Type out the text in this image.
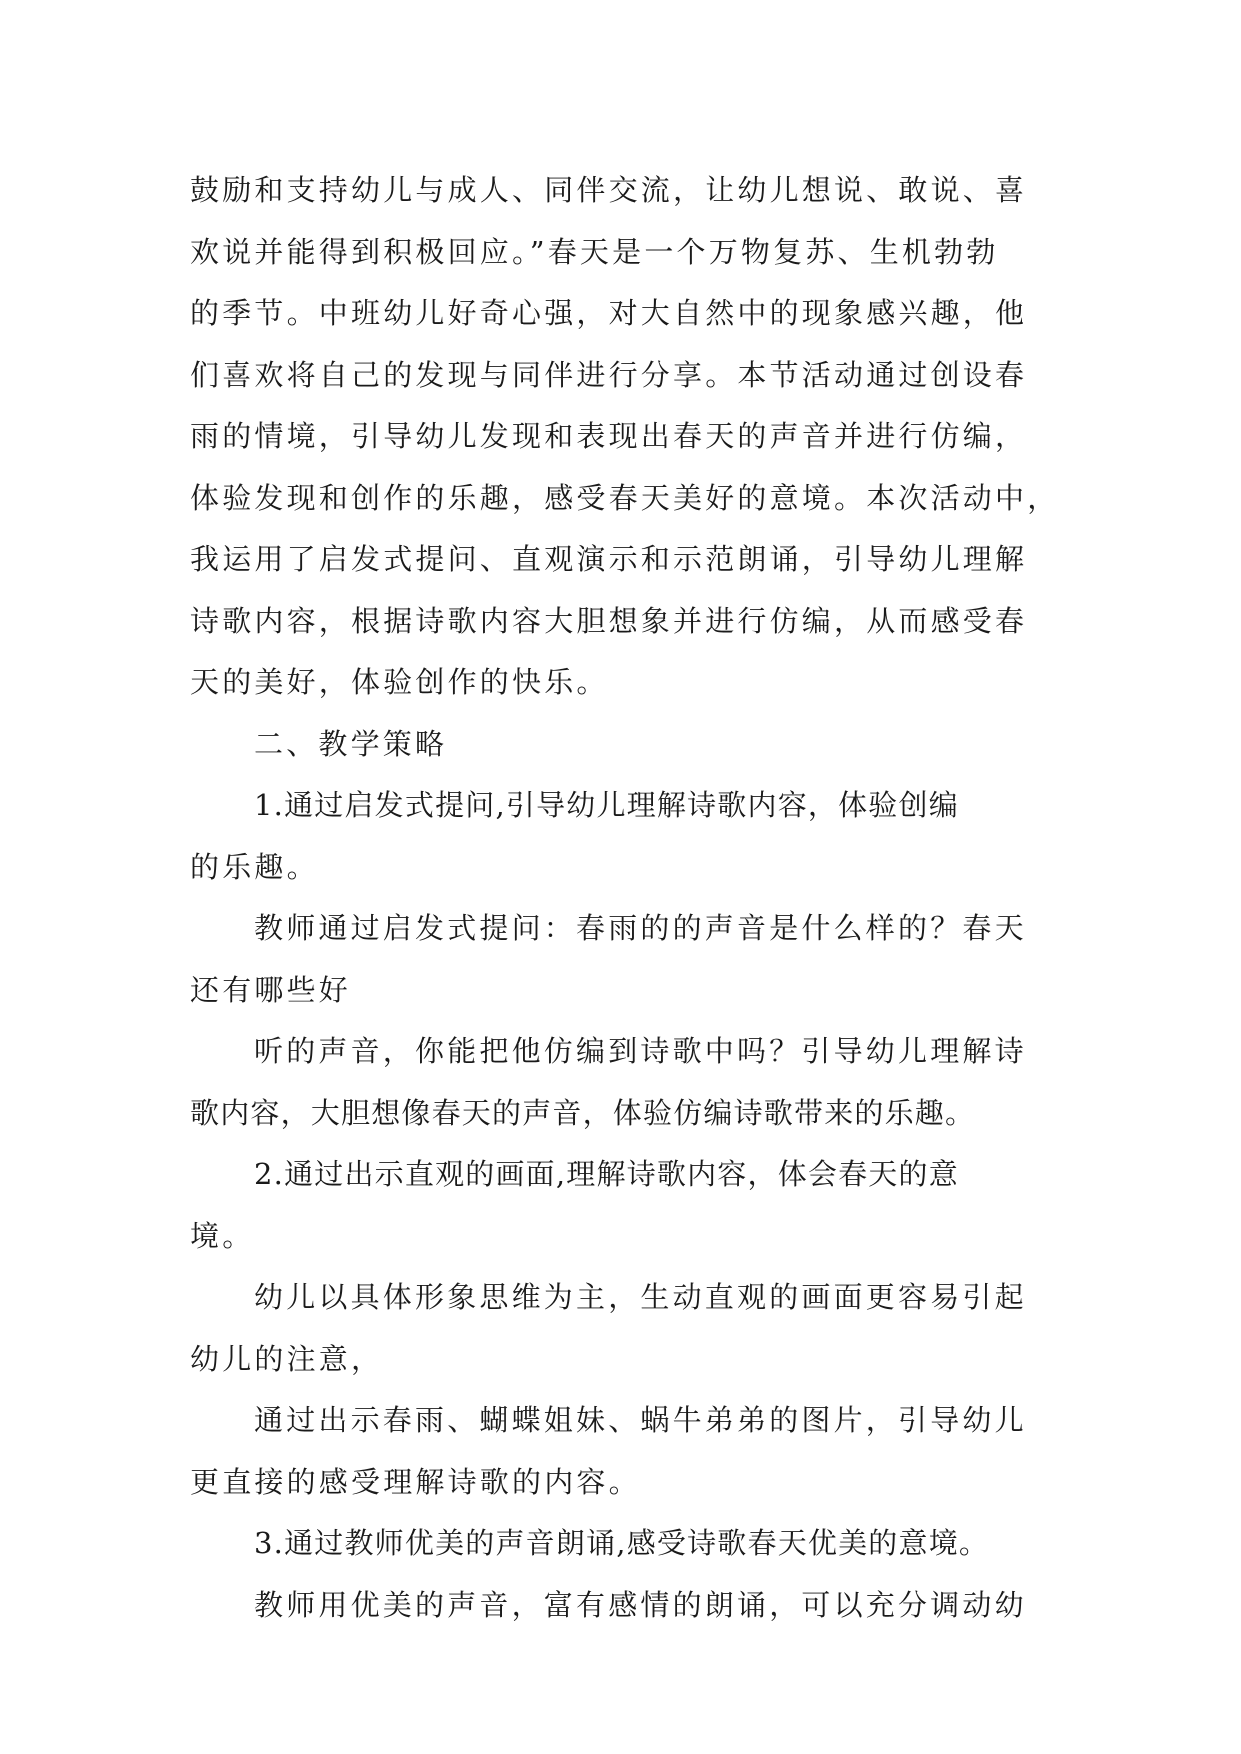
鼓励和支持幼儿与成人、同伴交流，让幼儿想说、敢说、喜
欢说并能得到积极回应。”春天是一个万物复苏、生机勃勃
的季节。中班幼儿好奇心强，对大自然中的现象感兴趣，他
们喜欢将自己的发现与同伴进行分享。本节活动通过创设春
雨的情境，引导幼儿发现和表现出春天的声音并进行仿编，
体验发现和创作的乐趣，感受春天美好的意境。本次活动中，
我运用了启发式提问、直观演示和示范朗诵，引导幼儿理解
诗歌内容，根据诗歌内容大胆想象并进行仿编，从而感受春
天的美好，体验创作的快乐。
二、教学策略
1.通过启发式提问,引导幼儿理解诗歌内容，体验创编
的乐趣。
教师通过启发式提问：春雨的的声音是什么样的？春天
还有哪些好
听的声音，你能把他仿编到诗歌中吗？引导幼儿理解诗
歌内容，大胆想像春天的声音，体验仿编诗歌带来的乐趣。
2.通过出示直观的画面,理解诗歌内容，体会春天的意
境。
幼儿以具体形象思维为主，生动直观的画面更容易引起
幼儿的注意，
通过出示春雨、蝴蝶姐妹、蜗牛弟弟的图片，引导幼儿
更直接的感受理解诗歌的内容。
3.通过教师优美的声音朗诵,感受诗歌春天优美的意境。
教师用优美的声音，富有感情的朗诵，可以充分调动幼
